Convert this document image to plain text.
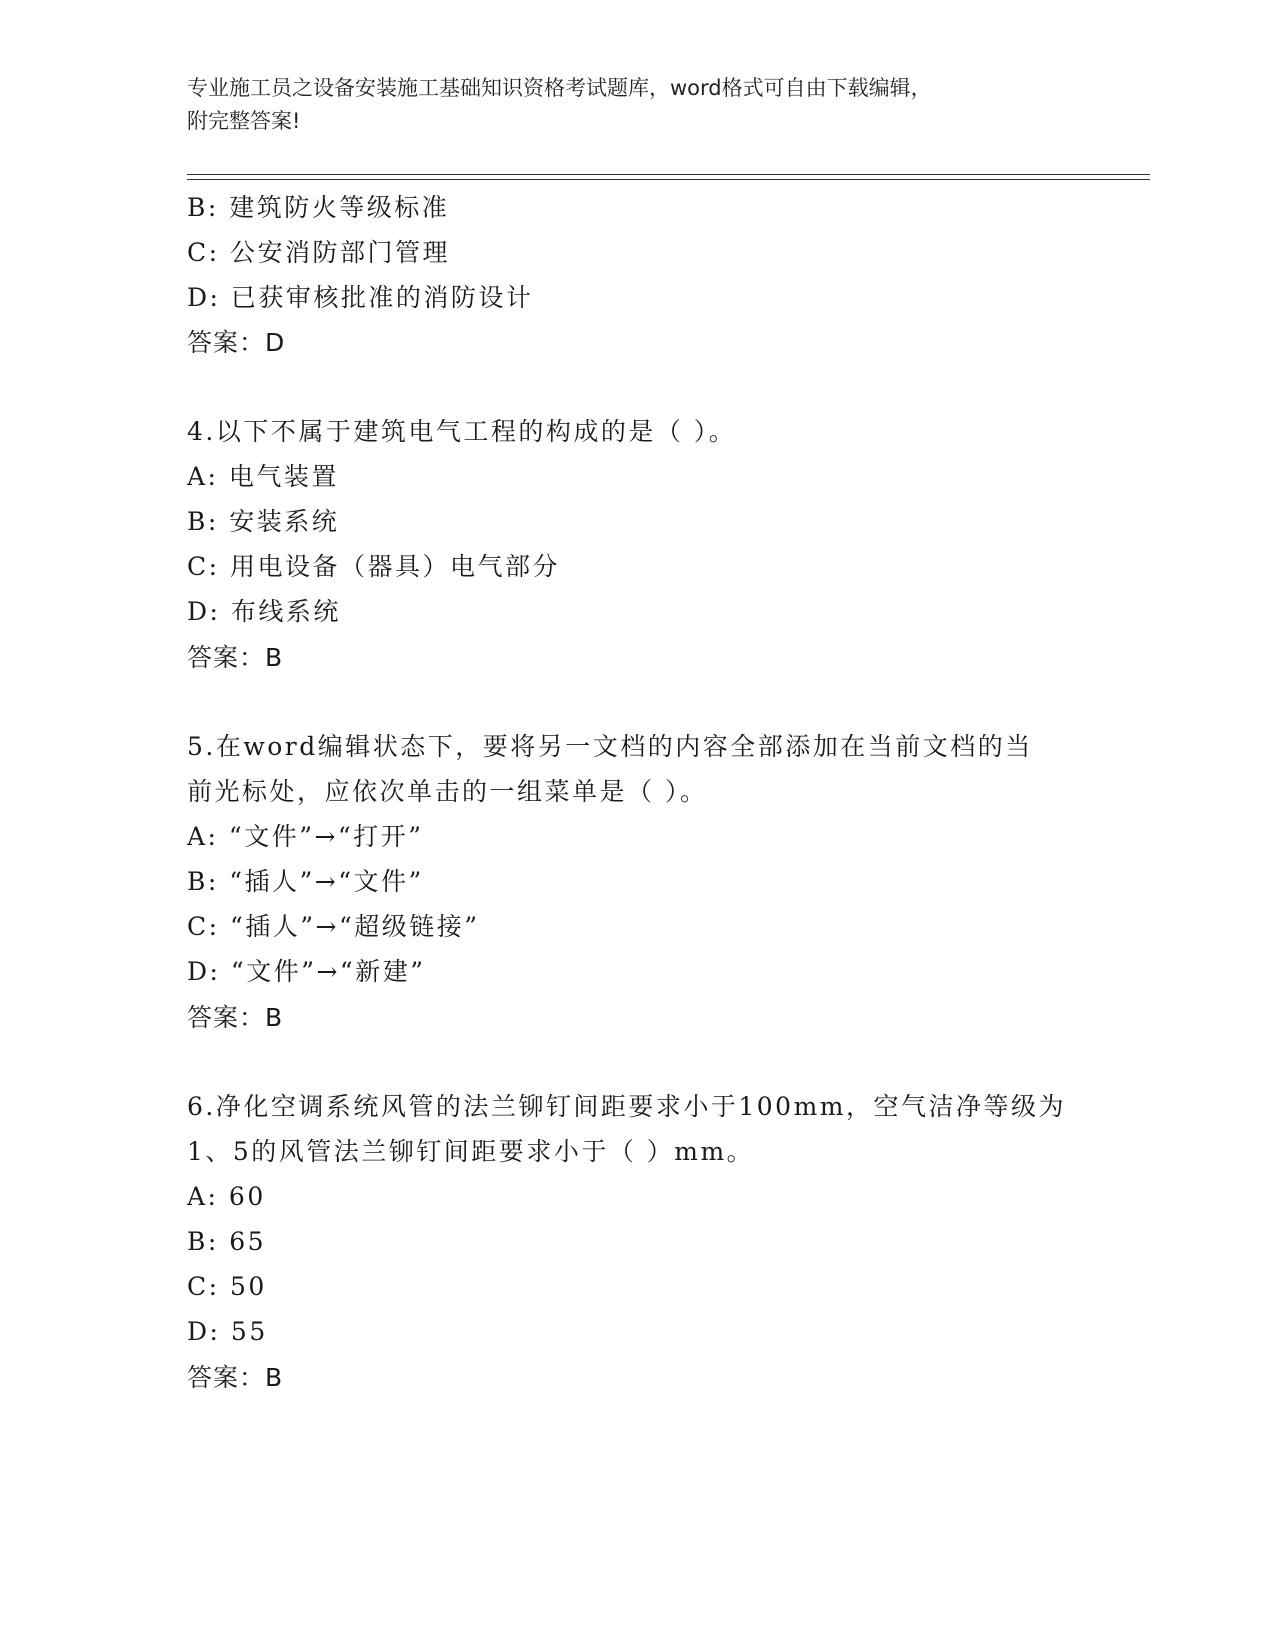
专业施工员之设备安装施工基础知识资格考试题库，word格式可自由下载编辑，
附完整答案!
B: 建筑防火等级标准
C: 公安消防部门管理
D: 已获审核批准的消防设计
答案：D
4.以下不属于建筑电气工程的构成的是（ ）。
A: 电气装置
B: 安装系统
C: 用电设备（器具）电气部分
D: 布线系统
答案：B
5.在word编辑状态下，要将另一文档的内容全部添加在当前文档的当
前光标处，应依次单击的一组菜单是（ ）。
A: “文件”→“打开”
B: “插人”→“文件”
C: “插人”→“超级链接”
D: “文件”→“新建”
答案：B
6.净化空调系统风管的法兰铆钉间距要求小于100mm，空气洁净等级为
1、5的风管法兰铆钉间距要求小于（ ）mm。
A: 60
B: 65
C: 50
D: 55
答案：B
